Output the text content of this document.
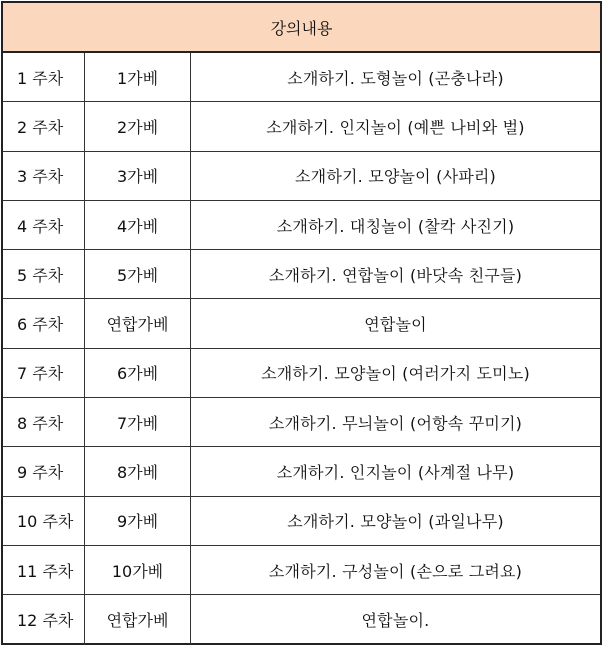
강의내용
1 주차	1가베	소개하기. 도형놀이 (곤충나라)
2 주차	2가베	소개하기. 인지놀이 (예쁜 나비와 벌)
3 주차	3가베	소개하기. 모양놀이 (사파리)
4 주차	4가베	소개하기. 대칭놀이 (찰칵 사진기)
5 주차	5가베	소개하기. 연합놀이 (바닷속 친구들)
6 주차	연합가베	연합놀이
7 주차	6가베	소개하기. 모양놀이 (여러가지 도미노)
8 주차	7가베	소개하기. 무늬놀이 (어항속 꾸미기)
9 주차	8가베	소개하기. 인지놀이 (사계절 나무)
10 주차	9가베	소개하기. 모양놀이 (과일나무)
11 주차	10가베	소개하기. 구성놀이 (손으로 그려요)
12 주차	연합가베	연합놀이.
